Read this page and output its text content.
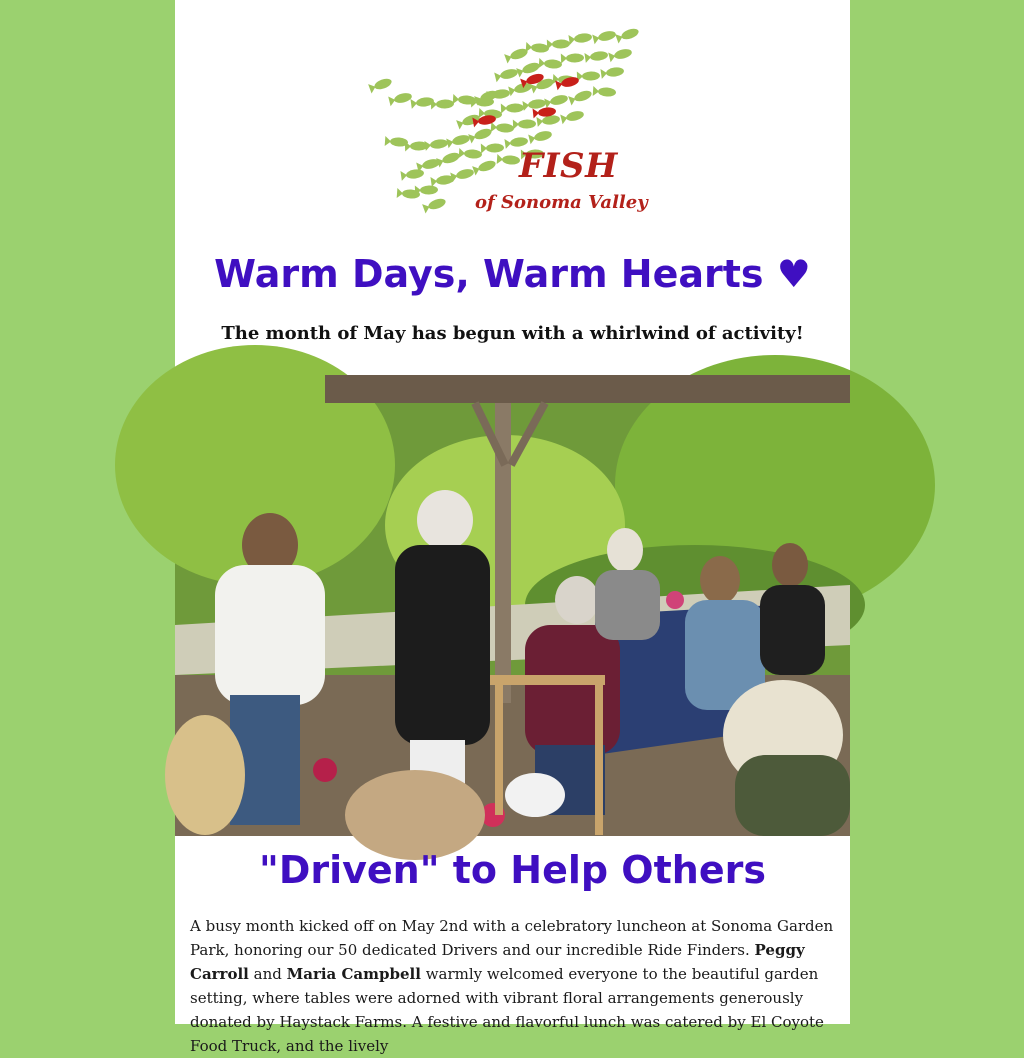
FISH
of Sonoma Valley
Warm Days, Warm Hearts ♥

The month of May has begun with a whirlwind of activity!

"Driven" to Help Others

A busy month kicked off on May 2nd with a celebratory luncheon at Sonoma Garden Park, honoring our 50 dedicated Drivers and our incredible Ride Finders. Peggy Carroll and Maria Campbell warmly welcomed everyone to the beautiful garden setting, where tables were adorned with vibrant floral arrangements generously donated by Haystack Farms. A festive and flavorful lunch was catered by El Coyote Food Truck, and the lively
